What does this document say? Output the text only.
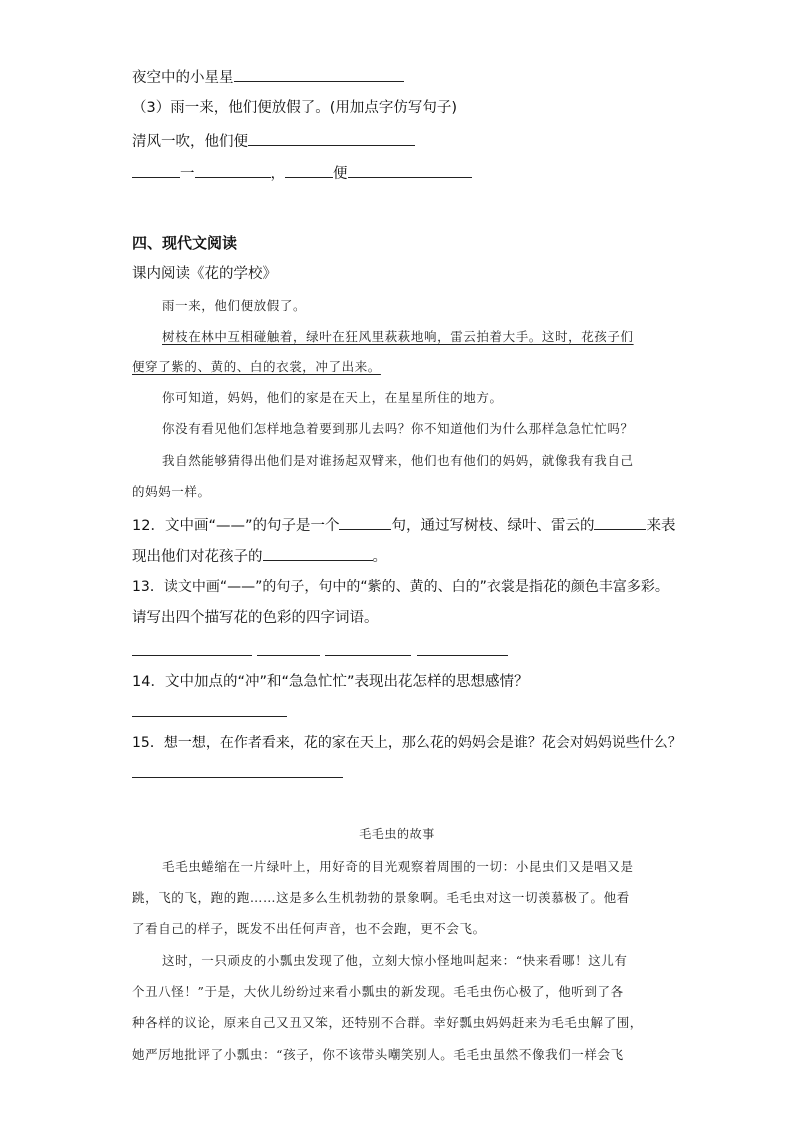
夜空中的小星星
（3）雨一来，他们便放假了。(用加点字仿写句子)
清风一吹，他们便
一	，	便
四、现代文阅读
课内阅读《花的学校》
雨一来，他们便放假了。
树枝在林中互相碰触着，绿叶在狂风里萩萩地响，雷云拍着大手。这时，花孩子们
便穿了紫的、黄的、白的衣裳，冲了出来。
你可知道，妈妈，他们的家是在天上，在星星所住的地方。
你没有看见他们怎样地急着要到那儿去吗？你不知道他们为什么那样急急忙忙吗？
我自然能够猜得出他们是对谁扬起双臂来，他们也有他们的妈妈，就像我有我自己
的妈妈一样。
12．文中画“——”的句子是一个	句，通过写树枝、绿叶、雷云的	来表
现出他们对花孩子的	。
13．读文中画“——”的句子，句中的“紫的、黄的、白的”衣裳是指花的颜色丰富多彩。
请写出四个描写花的色彩的四字词语。
14．文中加点的“冲”和“急急忙忙”表现出花怎样的思想感情？
15．想一想，在作者看来，花的家在天上，那么花的妈妈会是谁？花会对妈妈说些什么？
毛毛虫的故事
毛毛虫蜷缩在一片绿叶上，用好奇的目光观察着周围的一切：小昆虫们又是唱又是
跳，飞的飞，跑的跑……这是多么生机勃勃的景象啊。毛毛虫对这一切羡慕极了。他看
了看自己的样子，既发不出任何声音，也不会跑，更不会飞。
这时，一只顽皮的小瓢虫发现了他，立刻大惊小怪地叫起来：“快来看哪！这儿有
个丑八怪！”于是，大伙儿纷纷过来看小瓢虫的新发现。毛毛虫伤心极了，他听到了各
种各样的议论，原来自己又丑又笨，还特别不合群。幸好瓢虫妈妈赶来为毛毛虫解了围，
她严厉地批评了小瓢虫：“孩子，你不该带头嘲笑别人。毛毛虫虽然不像我们一样会飞
